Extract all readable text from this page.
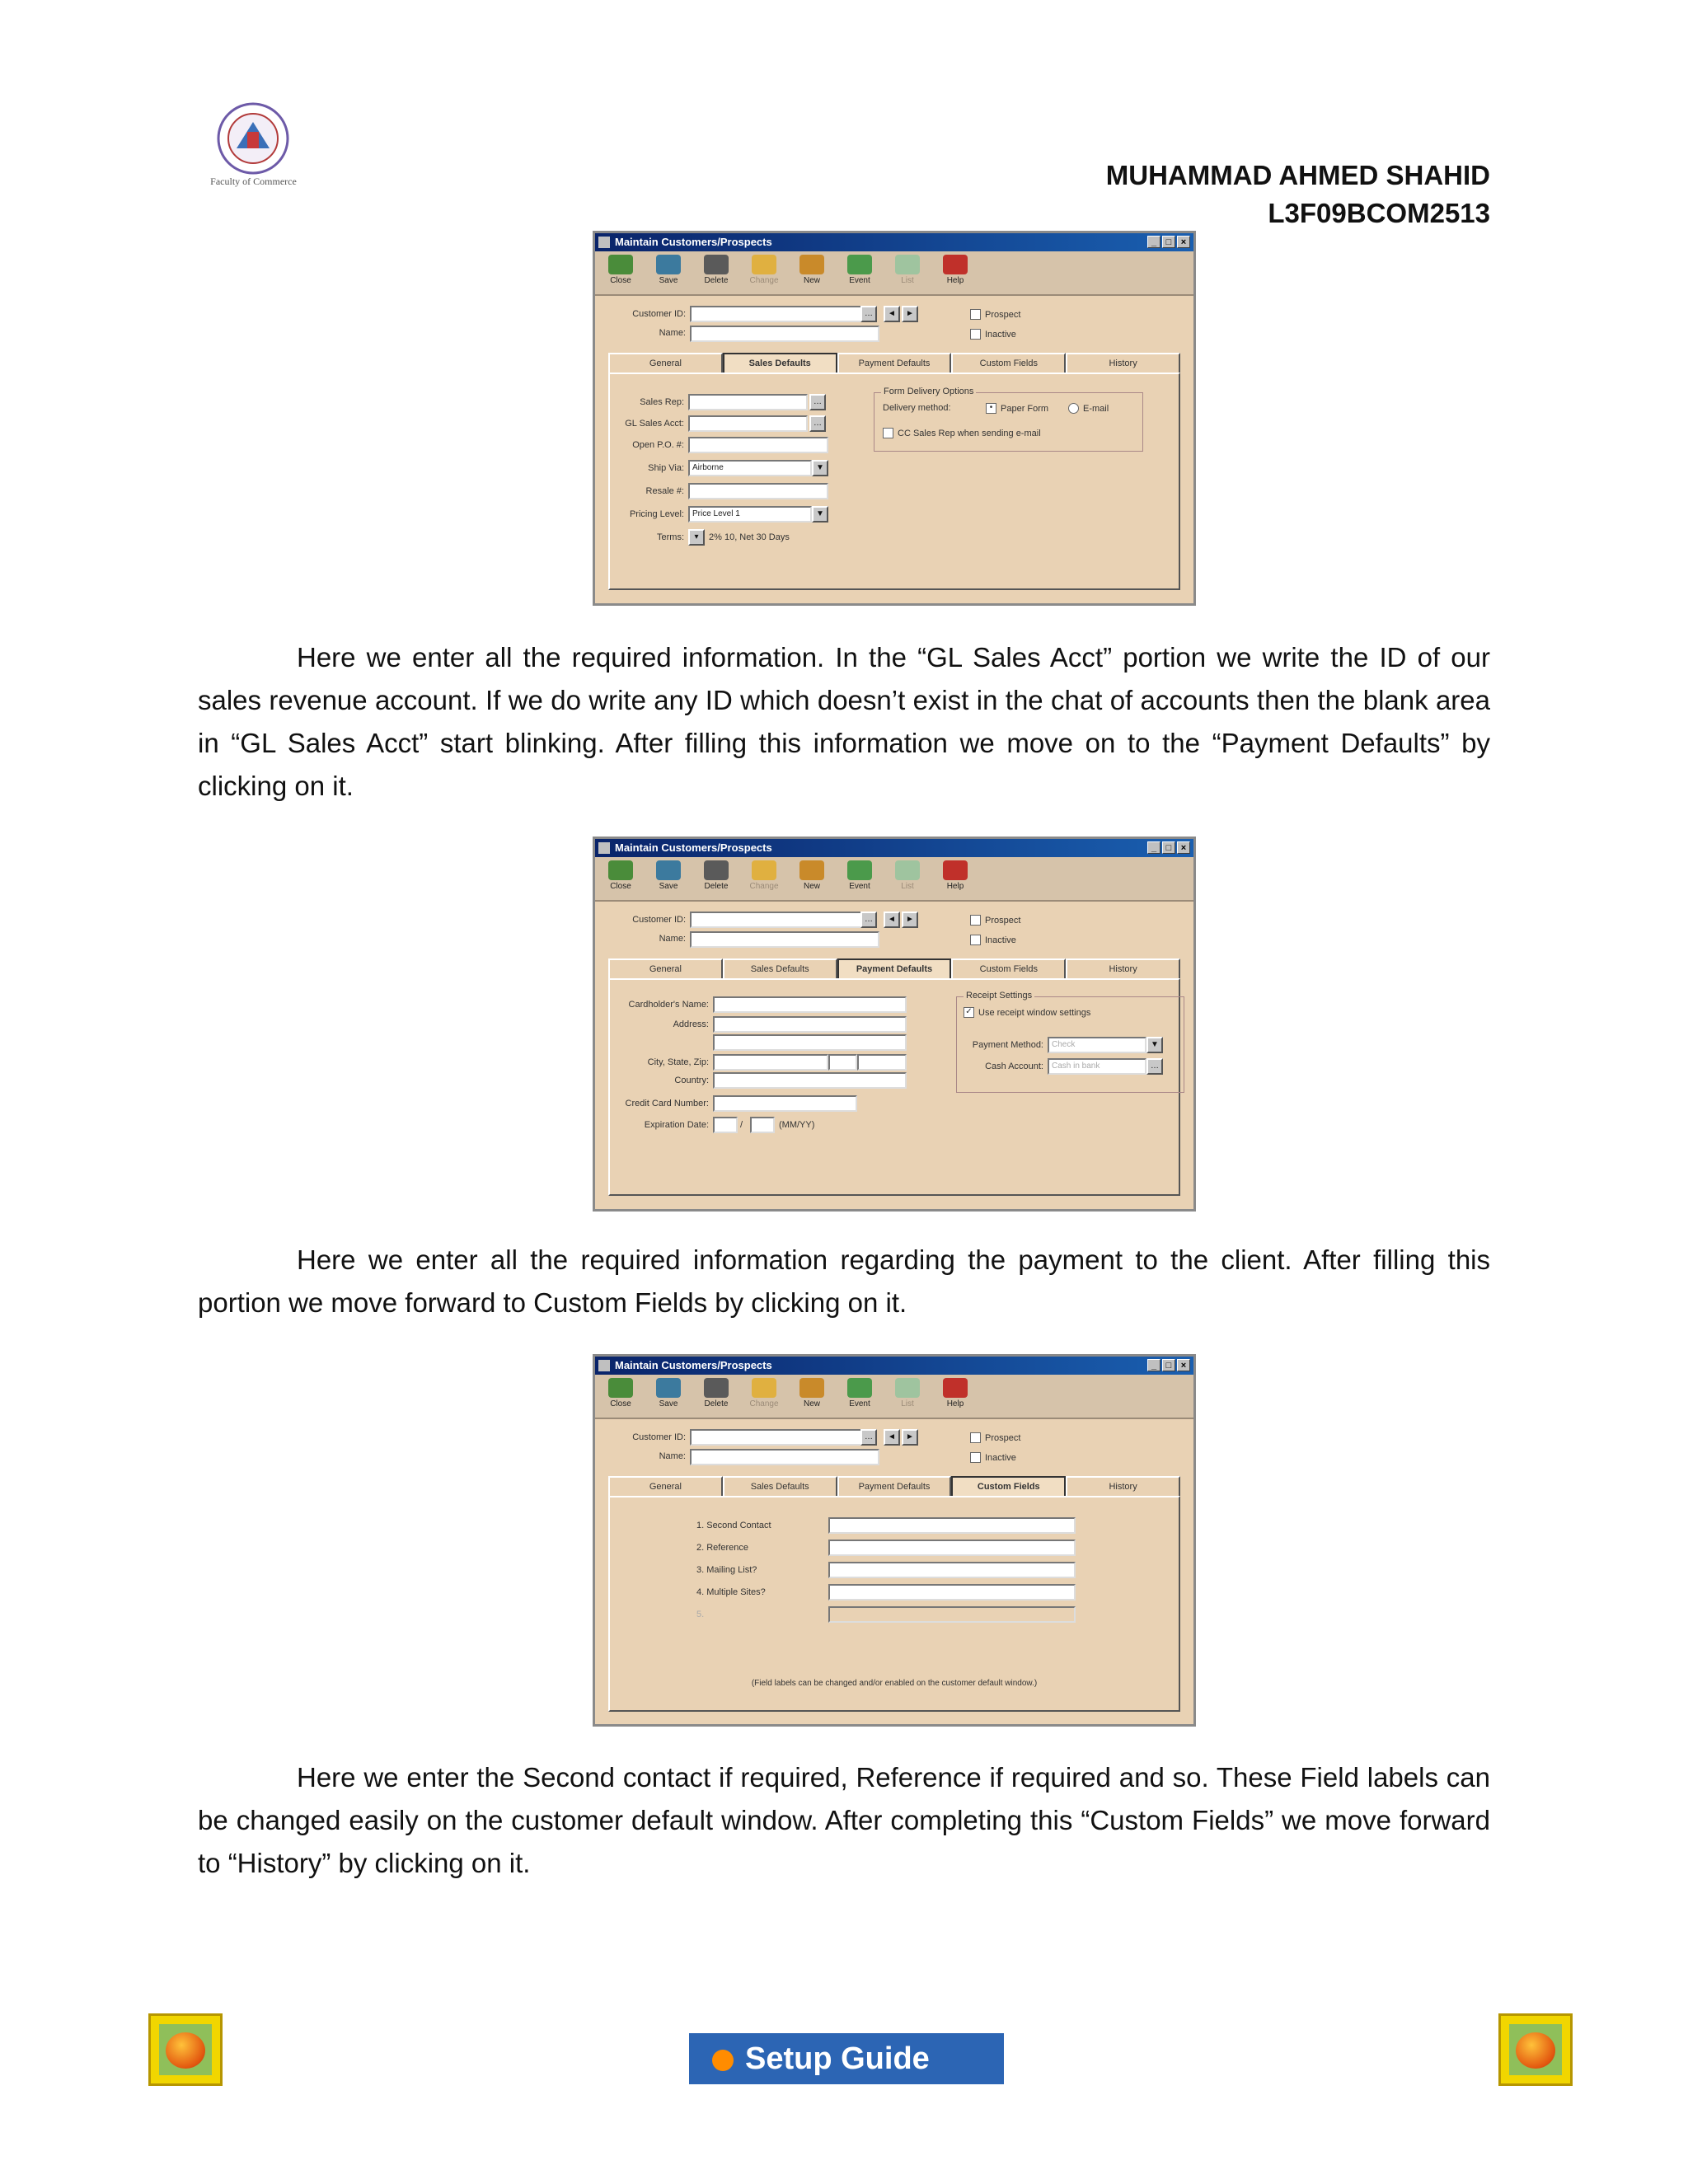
Faculty of Commerce	MUHAMMAD AHMED SHAHID
L3F09BCOM2513
Maintain Customers/Prospects	_	□	×
Close	Save	Delete	Change	New	Event	List	Help
Customer ID:	…	◄	►	Prospect
Name:	Inactive
General	Sales Defaults	Payment Defaults	Custom Fields	History
Sales Rep:	…
GL Sales Acct:	…
Open P.O. #:
Ship Via:	Airborne	▼
Resale #:
Pricing Level:	Price Level 1	▼
Terms:	▾	2% 10, Net 30 Days
Form Delivery Options
Delivery method:	• Paper Form	E-mail
CC Sales Rep when sending e-mail
Here we enter all the required information. In the “GL Sales Acct” portion we write the ID of our sales revenue account. If we do write any ID which doesn’t exist in the chat of accounts then the blank area in “GL Sales Acct” start blinking. After filling this information we move on to the “Payment Defaults” by clicking on it.
Maintain Customers/Prospects	_	□	×
Close	Save	Delete	Change	New	Event	List	Help
Customer ID:	…	◄	►	Prospect
Name:	Inactive
General	Sales Defaults	Payment Defaults	Custom Fields	History
Cardholder's Name:
Address:
City, State, Zip:
Country:
Credit Card Number:
Expiration Date:	/	(MM/YY)
Receipt Settings
✓ Use receipt window settings
Payment Method:	Check	▼
Cash Account:	Cash in bank	…
Here we enter all the required information regarding the payment to the client. After filling this portion we move forward to Custom Fields by clicking on it.
Maintain Customers/Prospects	_	□	×
Close	Save	Delete	Change	New	Event	List	Help
Customer ID:	…	◄	►	Prospect
Name:	Inactive
General	Sales Defaults	Payment Defaults	Custom Fields	History
1. Second Contact
2. Reference
3. Mailing List?
4. Multiple Sites?
5.
(Field labels can be changed and/or enabled on the customer default window.)
Here we enter the Second contact if required, Reference if required and so. These Field labels can be changed easily on the customer default window. After completing this “Custom Fields” we move forward to “History” by clicking on it.
Setup Guide
